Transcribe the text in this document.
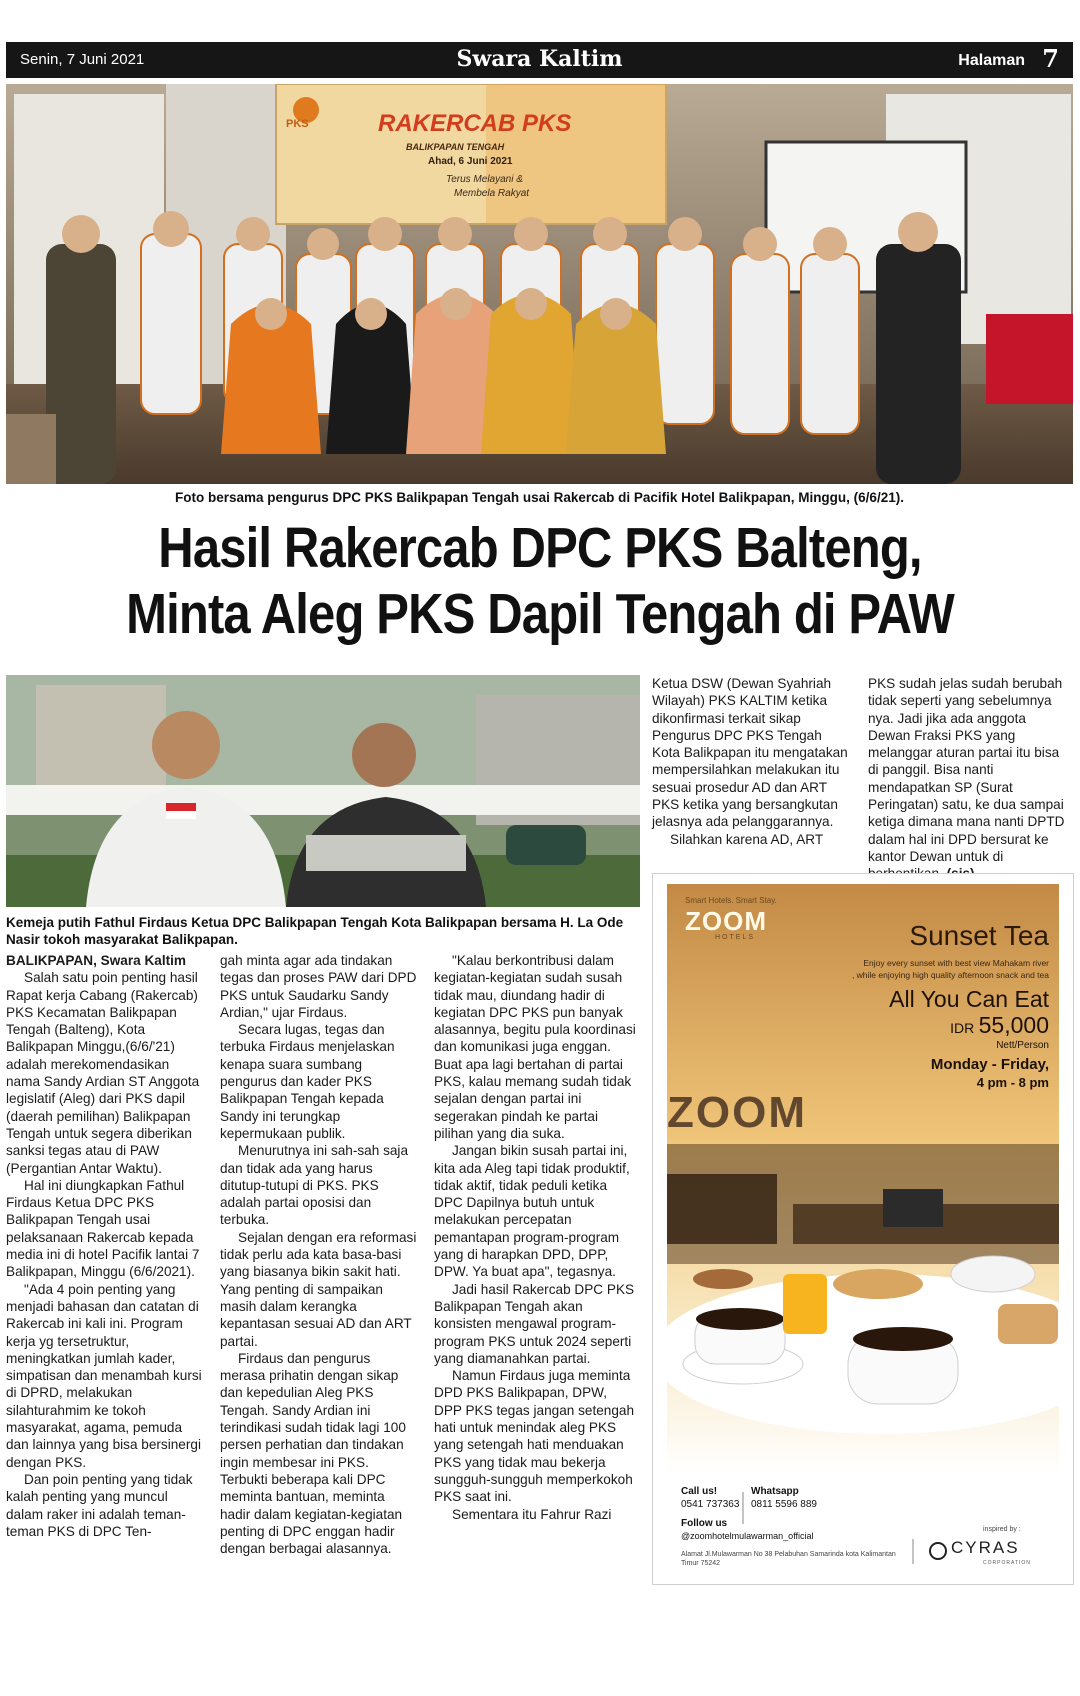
Senin, 7 Juni 2021	Swara Kaltim	Halaman 7
PKS	RAKERCAB PKS
BALIKPAPAN TENGAH
Ahad, 6 Juni 2021
Terus Melayani &
Membela Rakyat
Foto bersama pengurus DPC PKS Balikpapan Tengah usai Rakercab di Pacifik Hotel Balikpapan, Minggu, (6/6/21).
Hasil Rakercab DPC PKS Balteng,
Minta Aleg PKS Dapil Tengah di PAW
Kemeja putih Fathul Firdaus Ketua DPC Balikpapan Tengah Kota Balikpapan bersama H. La Ode Nasir tokoh masyarakat Balikpapan.

BALIKPAPAN, Swara Kaltim

Salah satu poin penting hasil Rapat kerja Cabang (Rakercab) PKS Kecamatan Balikpapan Tengah (Balteng), Kota Balikpapan Minggu,(6/6/'21) adalah merekomendasikan nama Sandy Ardian ST Anggota legislatif (Aleg) dari PKS dapil (daerah pemilihan) Balikpapan Tengah untuk segera diberikan sanksi tegas atau di PAW (Pergantian Antar Waktu).

Hal ini diungkapkan Fathul Firdaus Ketua DPC PKS Balikpapan Tengah usai pelaksanaan Rakercab kepada media ini di hotel Pacifik lantai 7 Balikpapan, Minggu (6/6/2021).

"Ada 4 poin penting yang menjadi bahasan dan catatan di Rakercab ini kali ini. Program kerja yg tersetruktur, meningkatkan jumlah kader, simpatisan dan menambah kursi di DPRD, melakukan silahturahmim ke tokoh masyarakat, agama, pemuda dan lainnya yang bisa bersinergi dengan PKS.

Dan poin penting yang tidak kalah penting yang muncul dalam raker ini adalah teman-teman PKS di DPC Ten-

gah minta agar ada tindakan tegas dan proses PAW dari DPD PKS untuk Saudarku Sandy Ardian," ujar Firdaus.

Secara lugas, tegas dan terbuka Firdaus menjelaskan kenapa suara sumbang pengurus dan kader PKS Balikpapan Tengah kepada Sandy ini terungkap kepermukaan publik.

Menurutnya ini sah-sah saja dan tidak ada yang harus ditutup-tutupi di PKS. PKS adalah partai oposisi dan terbuka.

Sejalan dengan era reformasi tidak perlu ada kata basa-basi yang biasanya bikin sakit hati. Yang penting di sampaikan masih dalam kerangka kepantasan sesuai AD dan ART partai.

Firdaus dan pengurus merasa prihatin dengan sikap dan kepedulian Aleg PKS Tengah. Sandy Ardian ini terindikasi sudah tidak lagi 100 persen perhatian dan tindakan ingin membesar ini PKS. Terbukti beberapa kali DPC meminta bantuan, meminta hadir dalam kegiatan-kegiatan penting di DPC enggan hadir dengan berbagai alasannya.

"Kalau berkontribusi dalam kegiatan-kegiatan sudah susah tidak mau, diundang hadir di kegiatan DPC PKS pun banyak alasannya, begitu pula koordinasi dan komunikasi juga enggan. Buat apa lagi bertahan di partai PKS, kalau memang sudah tidak sejalan dengan partai ini segerakan pindah ke partai pilihan yang dia suka.

Jangan bikin susah partai ini, kita ada Aleg tapi tidak produktif, tidak aktif, tidak peduli ketika DPC Dapilnya butuh untuk melakukan percepatan pemantapan program-program yang di harapkan DPD, DPP, DPW. Ya buat apa", tegasnya.

Jadi hasil Rakercab DPC PKS Balikpapan Tengah akan konsisten mengawal program-program PKS untuk 2024 seperti yang diamanahkan partai.

Namun Firdaus juga meminta DPD PKS Balikpapan, DPW, DPP PKS tegas jangan setengah hati untuk menindak aleg PKS yang setengah hati menduakan PKS yang tidak mau bekerja sungguh-sungguh memperkokoh PKS saat ini.

Sementara itu Fahrur Razi

Ketua DSW (Dewan Syahriah Wilayah) PKS KALTIM ketika dikonfirmasi terkait sikap Pengurus DPC PKS Tengah Kota Balikpapan itu mengatakan mempersilahkan melakukan itu sesuai prosedur AD dan ART PKS ketika yang bersangkutan jelasnya ada pelanggarannya.

Silahkan karena AD, ART

PKS sudah jelas sudah berubah tidak seperti yang sebelumnya nya. Jadi jika ada anggota Dewan Fraksi PKS yang melanggar aturan partai itu bisa di panggil. Bisa nanti mendapatkan SP (Surat Peringatan) satu, ke dua sampai ketiga dimana mana nanti DPTD dalam hal ini DPD bersurat ke kantor Dewan untuk di

Smart Hotels. Smart Stay.
ZOOM
HOTELS	Sunset Tea
Enjoy every sunset with best view Mahakam river
, while enjoying high quality afternoon snack and tea
All You Can Eat
IDR 55,000
Nett/Person
Monday - Friday,
4 pm - 8 pm
ZOOM
Call us!
0541 737363
Whatsapp
0811 5596 889
Follow us
@zoomhotelmulawarman_official
Alamat Jl.Mulawarman No 38 Pelabuhan Samarinda kota Kalimantan Timur 75242
inspired by :
CYRAS
CORPORATION
